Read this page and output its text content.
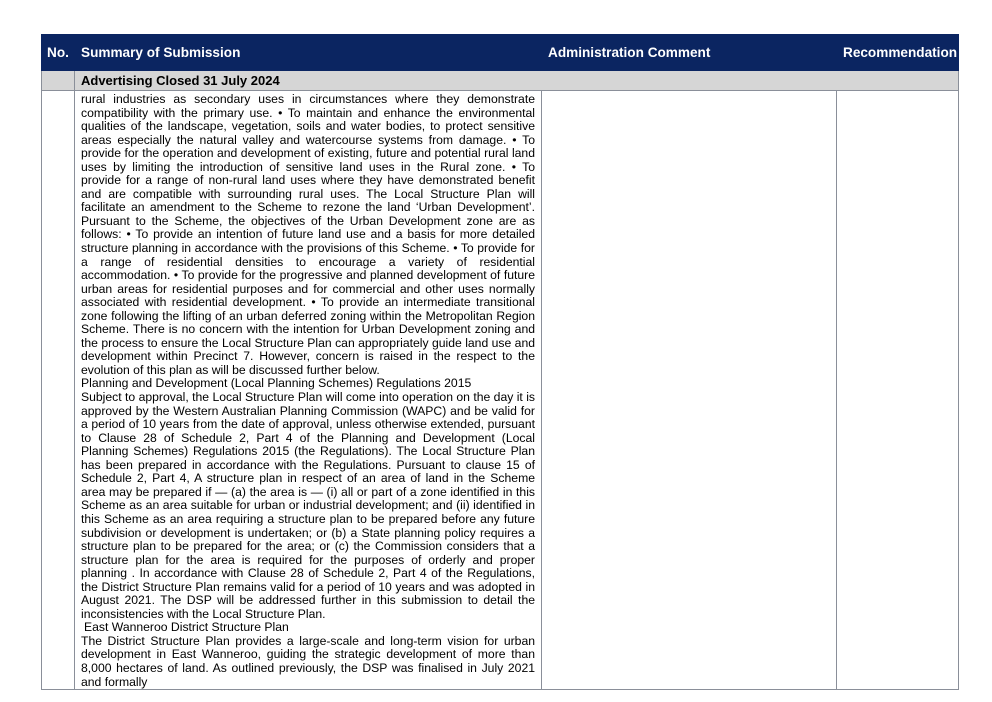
No.	Summary of Submission	Administration Comment	Recommendation
	Advertising Closed 31 July 2024		

	rural industries as secondary uses in circumstances where they demonstrate compatibility with the primary use. • To maintain and enhance the environmental qualities of the landscape, vegetation, soils and water bodies, to protect sensitive areas especially the natural valley and watercourse systems from damage. • To provide for the operation and development of existing, future and potential rural land uses by limiting the introduction of sensitive land uses in the Rural zone. • To provide for a range of non-rural land uses where they have demonstrated benefit and are compatible with surrounding rural uses. The Local Structure Plan will facilitate an amendment to the Scheme to rezone the land ‘Urban Development’. Pursuant to the Scheme, the objectives of the Urban Development zone are as follows: • To provide an intention of future land use and a basis for more detailed structure planning in accordance with the provisions of this Scheme. • To provide for a range of residential densities to encourage a variety of residential accommodation. • To provide for the progressive and planned development of future urban areas for residential purposes and for commercial and other uses normally associated with residential development. • To provide an intermediate transitional zone following the lifting of an urban deferred zoning within the Metropolitan Region Scheme. There is no concern with the intention for Urban Development zoning and the process to ensure the Local Structure Plan can appropriately guide land use and development within Precinct 7. However, concern is raised in the respect to the evolution of this plan as will be discussed further below.

Planning and Development (Local Planning Schemes) Regulations 2015

Subject to approval, the Local Structure Plan will come into operation on the day it is approved by the Western Australian Planning Commission (WAPC) and be valid for a period of 10 years from the date of approval, unless otherwise extended, pursuant to Clause 28 of Schedule 2, Part 4 of the Planning and Development (Local Planning Schemes) Regulations 2015 (the Regulations). The Local Structure Plan has been prepared in accordance with the Regulations. Pursuant to clause 15 of Schedule 2, Part 4, A structure plan in respect of an area of land in the Scheme area may be prepared if — (a) the area is — (i) all or part of a zone identified in this Scheme as an area suitable for urban or industrial development; and (ii) identified in this Scheme as an area requiring a structure plan to be prepared before any future subdivision or development is undertaken; or (b) a State planning policy requires a structure plan to be prepared for the area; or (c) the Commission considers that a structure plan for the area is required for the purposes of orderly and proper planning . In accordance with Clause 28 of Schedule 2, Part 4 of the Regulations, the District Structure Plan remains valid for a period of 10 years and was adopted in August 2021. The DSP will be addressed further in this submission to detail the inconsistencies with the Local Structure Plan.

East Wanneroo District Structure Plan

The District Structure Plan provides a large-scale and long-term vision for urban development in East Wanneroo, guiding the strategic development of more than 8,000 hectares of land. As outlined previously, the DSP was finalised in July 2021 and formally		
